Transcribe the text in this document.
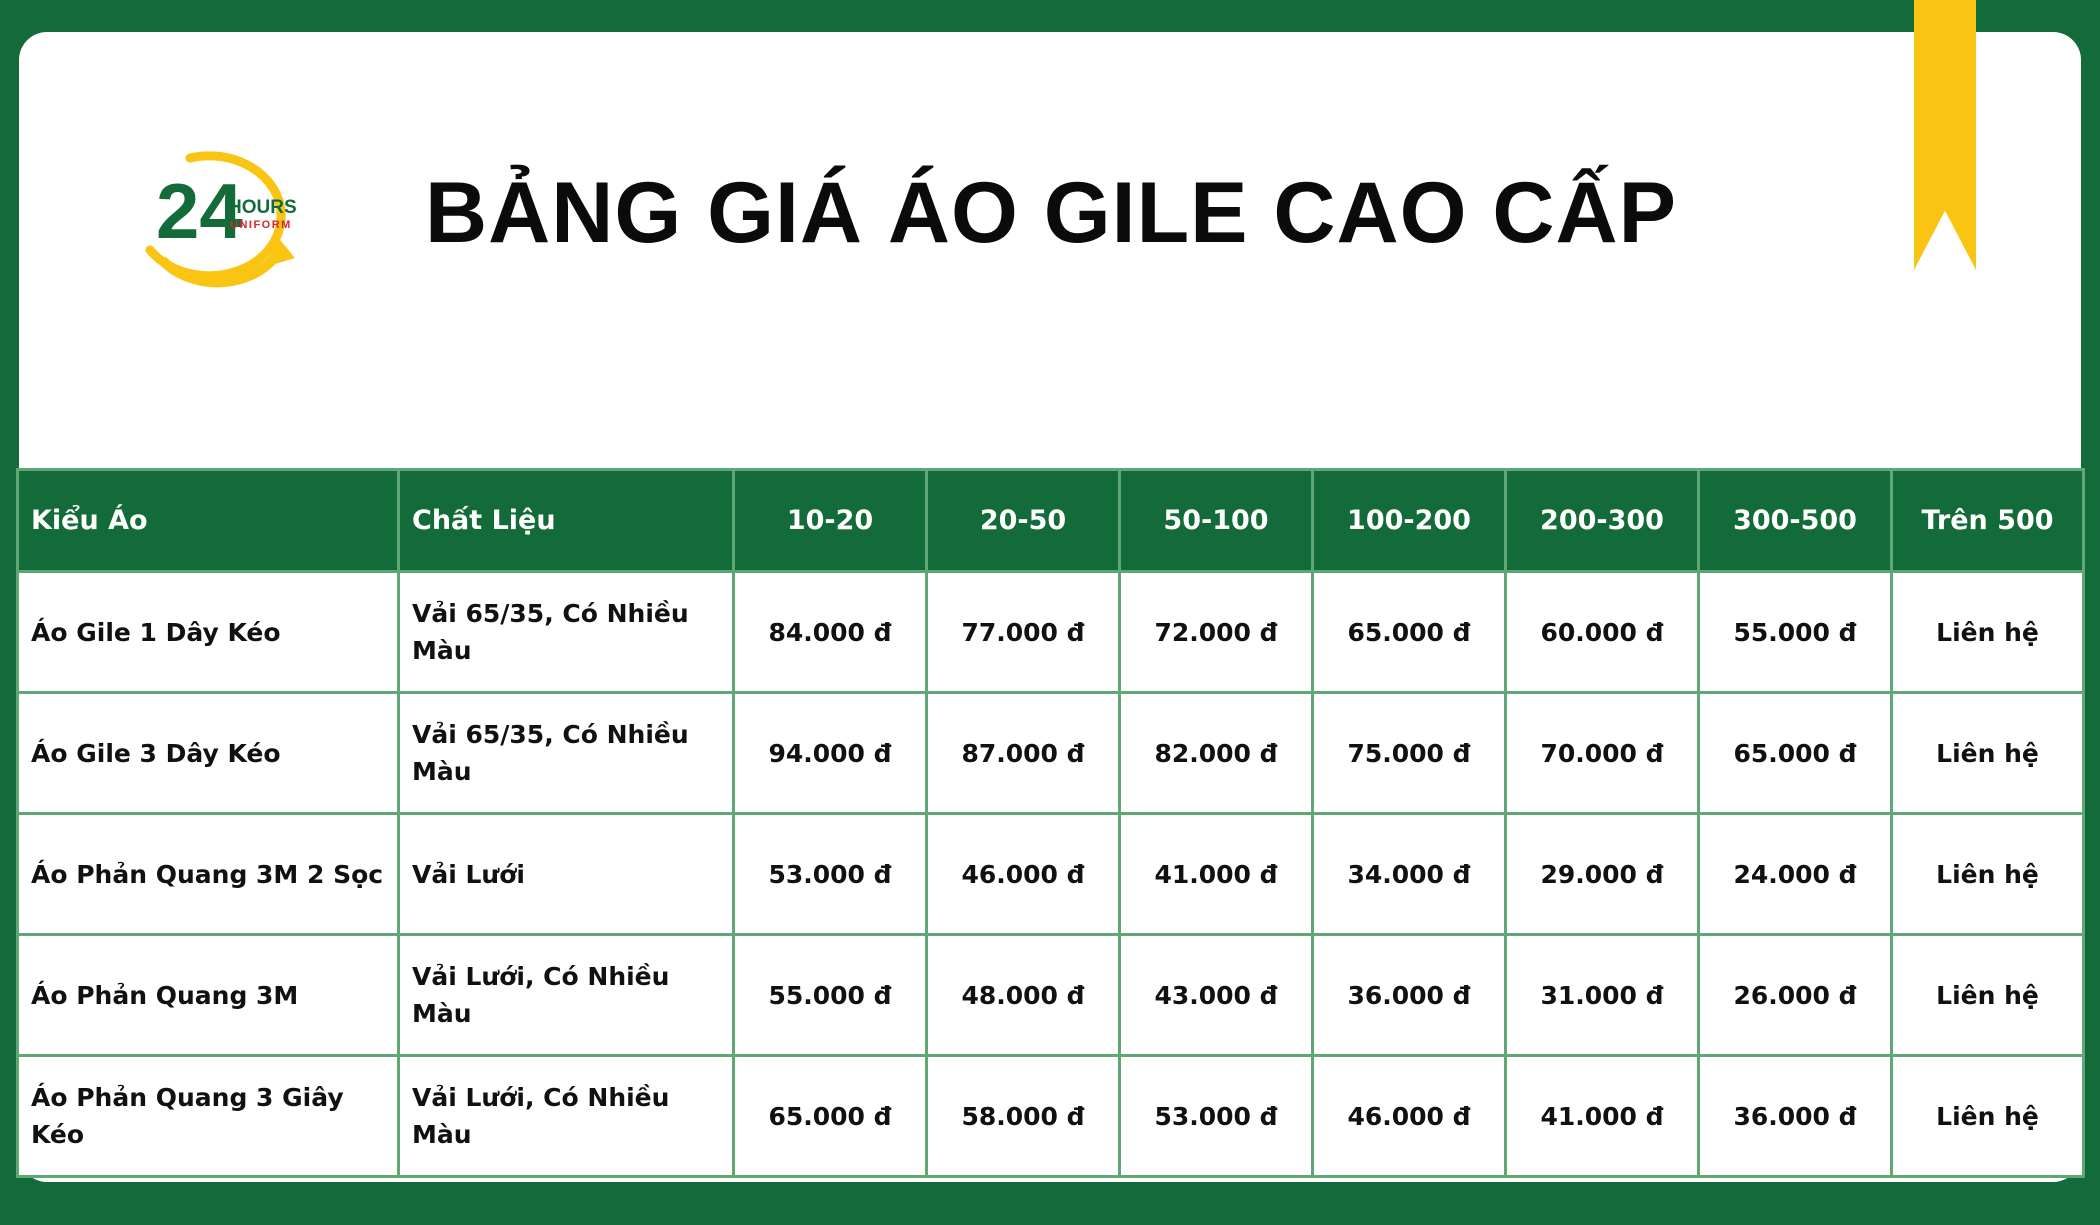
24
HOURS
UNIFORM BẢNG GIÁ ÁO GILE CAO CẤP
Kiểu Áo	Chất Liệu	10-20	20-50	50-100	100-200	200-300	300-500	Trên 500
Áo Gile 1 Dây Kéo	Vải 65/35, Có Nhiều Màu	84.000 đ	77.000 đ	72.000 đ	65.000 đ	60.000 đ	55.000 đ	Liên hệ
Áo Gile 3 Dây Kéo	Vải 65/35, Có Nhiều Màu	94.000 đ	87.000 đ	82.000 đ	75.000 đ	70.000 đ	65.000 đ	Liên hệ
Áo Phản Quang 3M 2 Sọc	Vải Lưới	53.000 đ	46.000 đ	41.000 đ	34.000 đ	29.000 đ	24.000 đ	Liên hệ
Áo Phản Quang 3M	Vải Lưới, Có Nhiều Màu	55.000 đ	48.000 đ	43.000 đ	36.000 đ	31.000 đ	26.000 đ	Liên hệ
Áo Phản Quang 3 Giây Kéo	Vải Lưới, Có Nhiều Màu	65.000 đ	58.000 đ	53.000 đ	46.000 đ	41.000 đ	36.000 đ	Liên hệ
